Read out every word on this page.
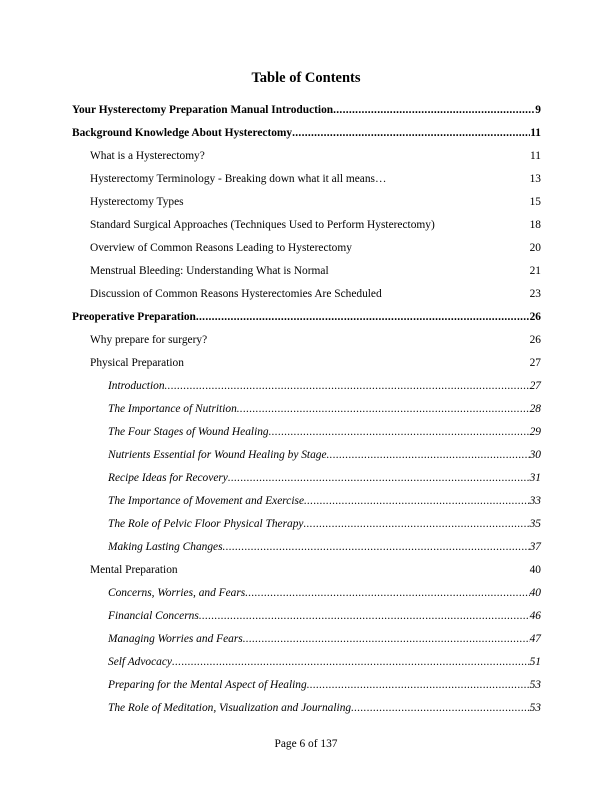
Table of Contents
Your Hysterectomy Preparation Manual Introduction .....	9
Background Knowledge About Hysterectomy .....	11
What is a Hysterectomy?	11
Hysterectomy Terminology - Breaking down what it all means…	13
Hysterectomy Types	15
Standard Surgical Approaches (Techniques Used to Perform Hysterectomy)	18
Overview of Common Reasons Leading to Hysterectomy	20
Menstrual Bleeding: Understanding What is Normal	21
Discussion of Common Reasons Hysterectomies Are Scheduled	23
Preoperative Preparation .....	26
Why prepare for surgery?	26
Physical Preparation	27
Introduction .....	27
The Importance of Nutrition .....	28
The Four Stages of Wound Healing .....	29
Nutrients Essential for Wound Healing by Stage .....	30
Recipe Ideas for Recovery .....	31
The Importance of Movement and Exercise .....	33
The Role of Pelvic Floor Physical Therapy .....	35
Making Lasting Changes .....	37
Mental Preparation	40
Concerns, Worries, and Fears .....	40
Financial Concerns .....	46
Managing Worries and Fears .....	47
Self Advocacy .....	51
Preparing for the Mental Aspect of Healing .....	53
The Role of Meditation, Visualization and Journaling .....	53
Page 6 of 137
